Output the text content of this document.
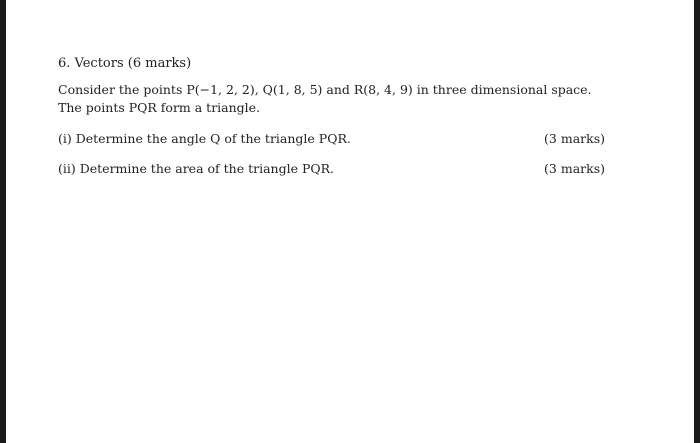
6. Vectors (6 marks)
Consider the points P(−1, 2, 2), Q(1, 8, 5) and R(8, 4, 9) in three dimensional space. The points PQR form a triangle.
(i) Determine the angle Q of the triangle PQR.	(3 marks)
(ii) Determine the area of the triangle PQR.	(3 marks)
